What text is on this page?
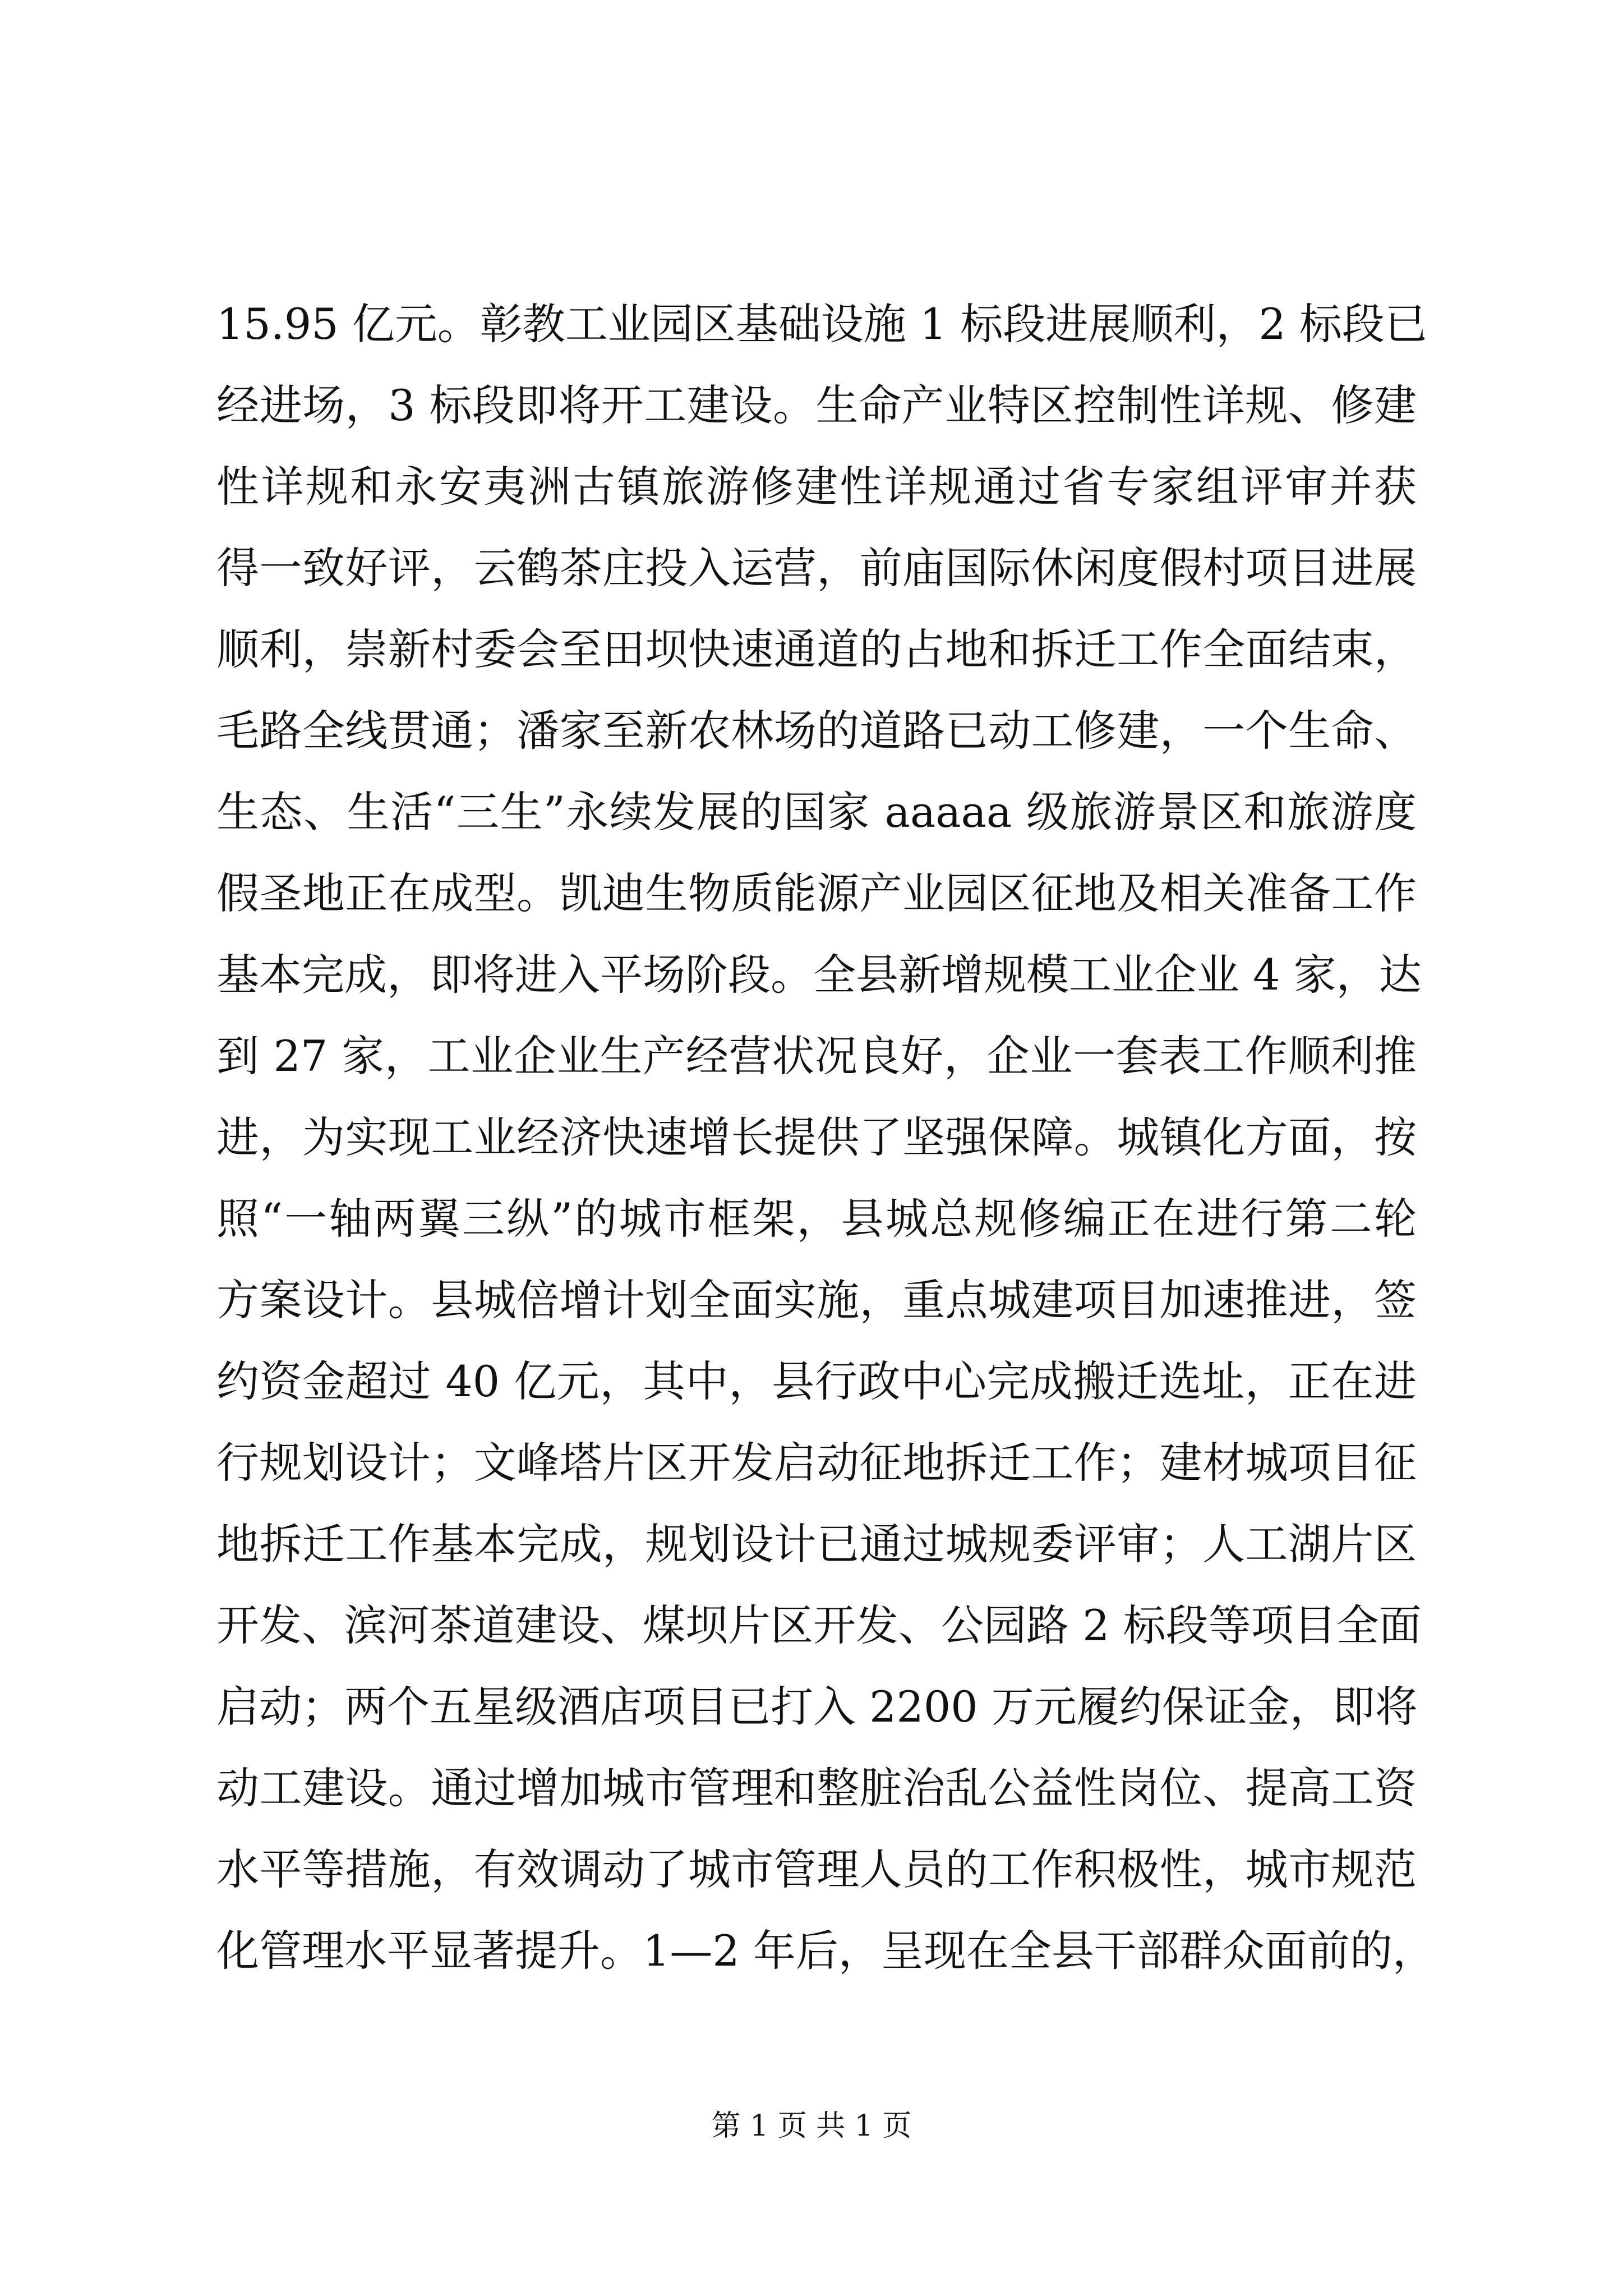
15.95 亿元。彰教工业园区基础设施 1 标段进展顺利，2 标段已
经进场，3 标段即将开工建设。生命产业特区控制性详规、修建
性详规和永安夷洲古镇旅游修建性详规通过省专家组评审并获
得一致好评，云鹤茶庄投入运营，前庙国际休闲度假村项目进展
顺利，崇新村委会至田坝快速通道的占地和拆迁工作全面结束，
毛路全线贯通；潘家至新农林场的道路已动工修建，一个生命、
生态、生活“三生”永续发展的国家 aaaaa 级旅游景区和旅游度
假圣地正在成型。凯迪生物质能源产业园区征地及相关准备工作
基本完成，即将进入平场阶段。全县新增规模工业企业 4 家，达
到 27 家，工业企业生产经营状况良好，企业一套表工作顺利推
进，为实现工业经济快速增长提供了坚强保障。城镇化方面，按
照“一轴两翼三纵”的城市框架，县城总规修编正在进行第二轮
方案设计。县城倍增计划全面实施，重点城建项目加速推进，签
约资金超过 40 亿元，其中，县行政中心完成搬迁选址，正在进
行规划设计；文峰塔片区开发启动征地拆迁工作；建材城项目征
地拆迁工作基本完成，规划设计已通过城规委评审；人工湖片区
开发、滨河茶道建设、煤坝片区开发、公园路 2 标段等项目全面
启动；两个五星级酒店项目已打入 2200 万元履约保证金，即将
动工建设。通过增加城市管理和整脏治乱公益性岗位、提高工资
水平等措施，有效调动了城市管理人员的工作积极性，城市规范
化管理水平显著提升。1—2 年后，呈现在全县干部群众面前的，
第 1 页 共 1 页
